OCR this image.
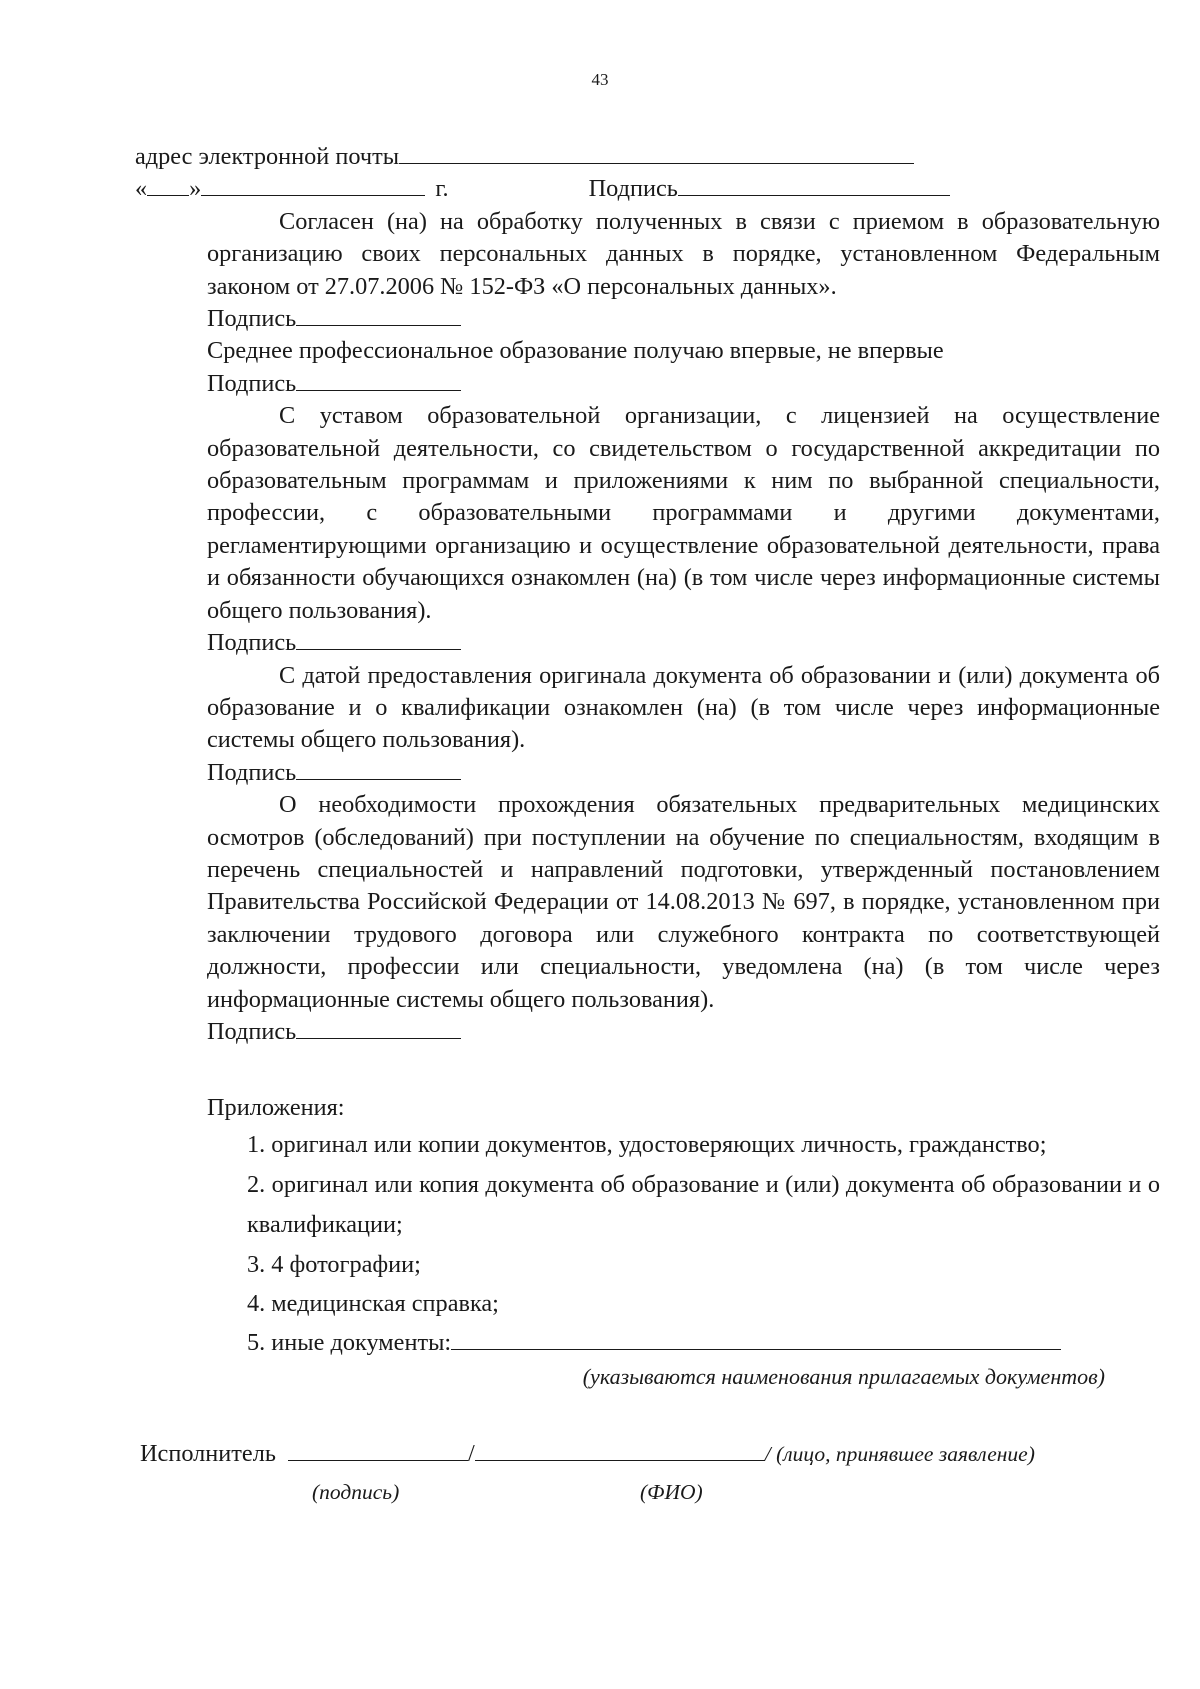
43
адрес электронной почты
« »	г.	Подпись
Согласен (на) на обработку полученных в связи с приемом в образовательную организацию своих персональных данных в порядке, установленном Федеральным законом от 27.07.2006 № 152-ФЗ «О персональных данных».
Подпись
Среднее профессиональное образование получаю впервые, не впервые
Подпись
С уставом образовательной организации, с лицензией на осуществление образовательной деятельности, со свидетельством о государственной аккредитации по образовательным программам и приложениями к ним по выбранной специальности, профессии, с образовательными программами и другими документами, регламентирующими организацию и осуществление образовательной деятельности, права и обязанности обучающихся ознакомлен (на) (в том числе через информационные системы общего пользования).
Подпись
С датой предоставления оригинала документа об образовании и (или) документа об образование и о квалификации ознакомлен (на) (в том числе через информационные системы общего пользования).
Подпись
О необходимости прохождения обязательных предварительных медицинских осмотров (обследований) при поступлении на обучение по специальностям, входящим в перечень специальностей и направлений подготовки, утвержденный постановлением Правительства Российской Федерации от 14.08.2013 № 697, в порядке, установленном при заключении трудового договора или служебного контракта по соответствующей должности, профессии или специальности, уведомлена (на) (в том числе через информационные системы общего пользования).
Подпись
Приложения:
1. оригинал или копии документов, удостоверяющих личность, гражданство;
2. оригинал или копия документа об образование и (или) документа об образовании и о квалификации;
3. 4 фотографии;
4. медицинская справка;
5. иные документы:
(указываются наименования прилагаемых документов)
Исполнитель	/	/ (лицо, принявшее заявление)
(подпись)	(ФИО)
